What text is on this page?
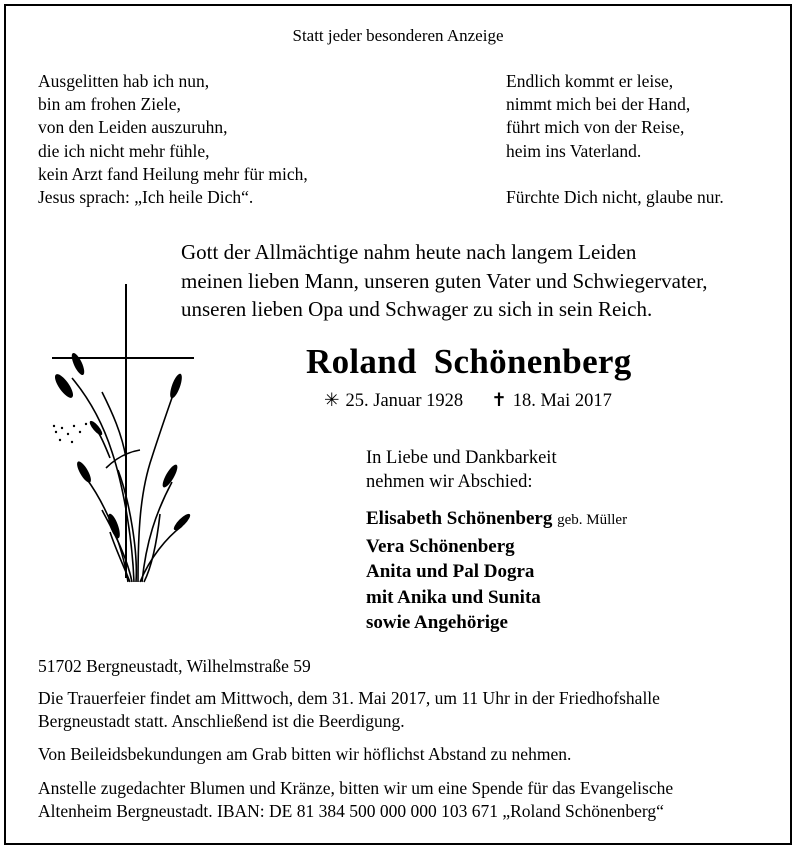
Statt jeder besonderen Anzeige
Ausgelitten hab ich nun,
bin am frohen Ziele,
von den Leiden auszuruhn,
die ich nicht mehr fühle,
kein Arzt fand Heilung mehr für mich,
Jesus sprach: „Ich heile Dich“.
Endlich kommt er leise,
nimmt mich bei der Hand,
führt mich von der Reise,
heim ins Vaterland.
Fürchte Dich nicht, glaube nur.
Gott der Allmächtige nahm heute nach langem Leiden
meinen lieben Mann, unseren guten Vater und Schwiegervater,
unseren lieben Opa und Schwager zu sich in sein Reich.
Roland Schönenberg
✳ 25. Januar 1928 ✝ 18. Mai 2017
In Liebe und Dankbarkeit
nehmen wir Abschied:
Elisabeth Schönenberg geb. Müller
Vera Schönenberg
Anita und Pal Dogra
mit Anika und Sunita
sowie Angehörige
51702 Bergneustadt, Wilhelmstraße 59
Die Trauerfeier findet am Mittwoch, dem 31. Mai 2017, um 11 Uhr in der Friedhofshalle
Bergneustadt statt. Anschließend ist die Beerdigung.
Von Beileidsbekundungen am Grab bitten wir höflichst Abstand zu nehmen.
Anstelle zugedachter Blumen und Kränze, bitten wir um eine Spende für das Evangelische
Altenheim Bergneustadt. IBAN: DE 81 384 500 000 000 103 671 „Roland Schönenberg“
